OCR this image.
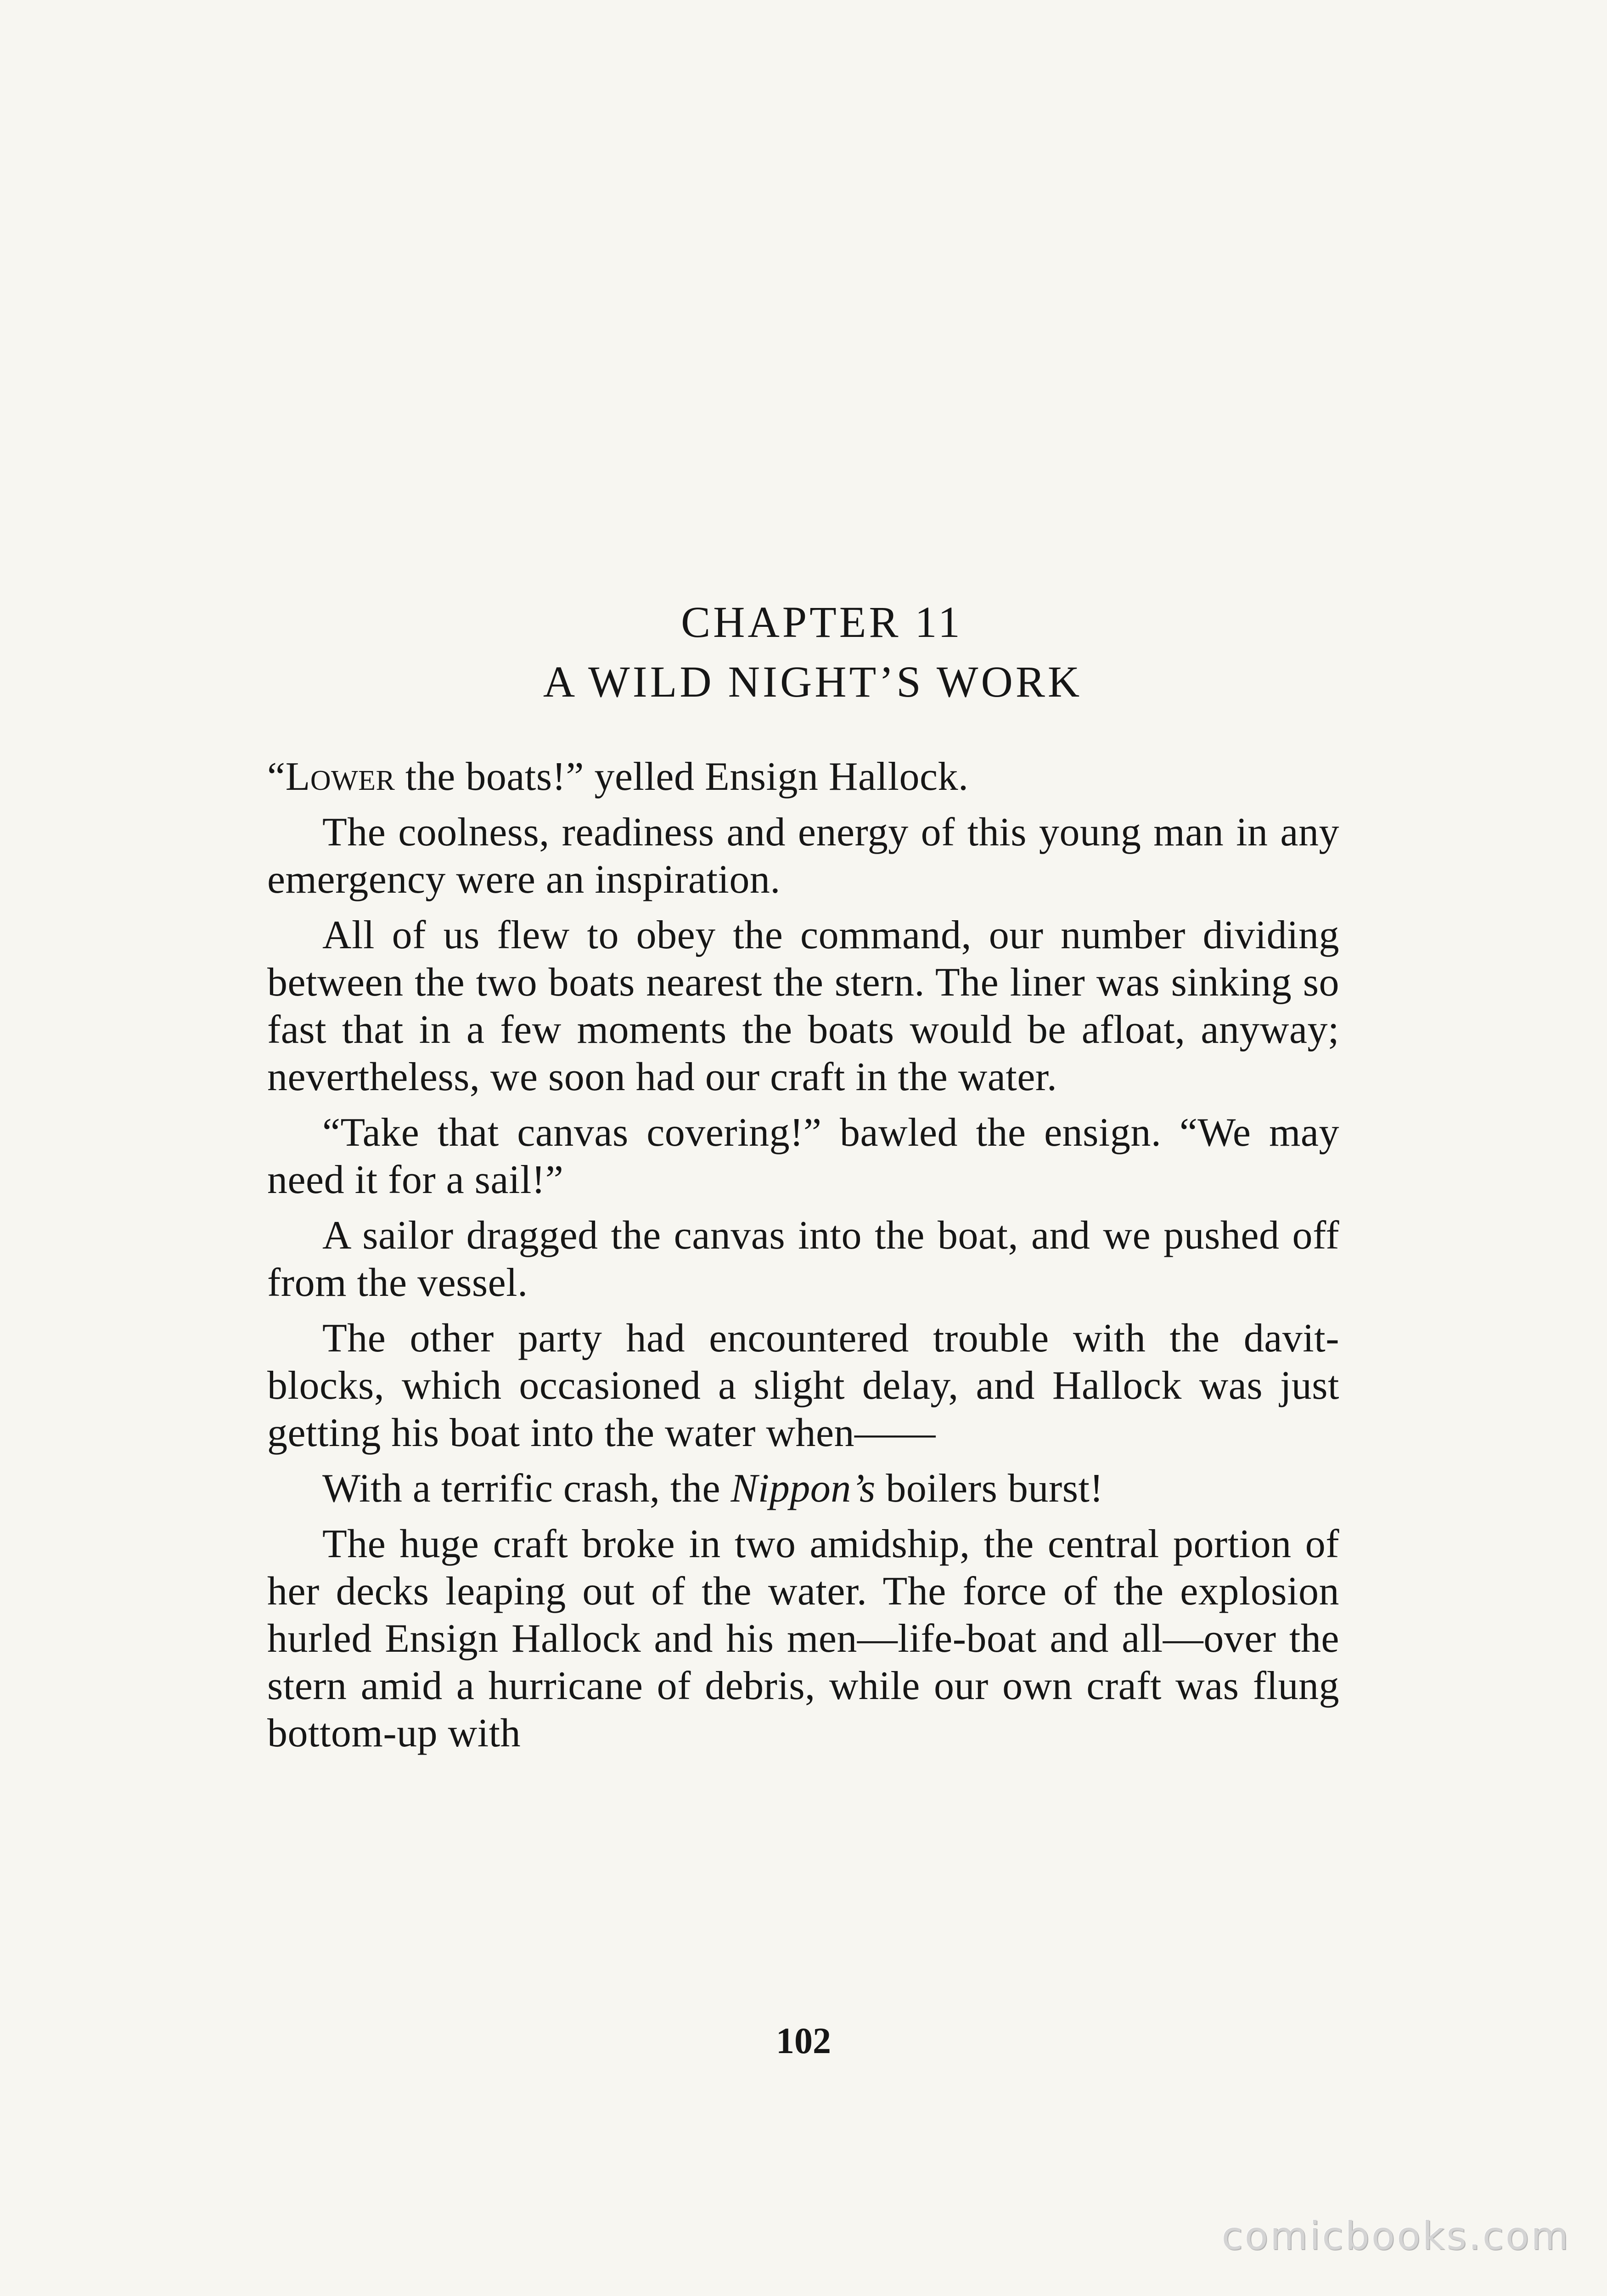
CHAPTER 11
A WILD NIGHT’S WORK

“Lower the boats!” yelled Ensign Hallock.

The coolness, readiness and energy of this young man in any emergency were an inspiration.

All of us flew to obey the command, our number dividing between the two boats nearest the stern. The liner was sinking so fast that in a few moments the boats would be afloat, anyway; nevertheless, we soon had our craft in the water.

“Take that canvas covering!” bawled the ensign. “We may need it for a sail!”

A sailor dragged the canvas into the boat, and we pushed off from the vessel.

The other party had encountered trouble with the davit-blocks, which occasioned a slight delay, and Hallock was just getting his boat into the water when——

With a terrific crash, the Nippon’s boilers burst!

The huge craft broke in two amidship, the central portion of her decks leaping out of the water. The force of the explosion hurled Ensign Hallock and his men—life-boat and all—over the stern amid a hurricane of debris, while our own craft was flung bottom-up with

102
comicbooks.com
